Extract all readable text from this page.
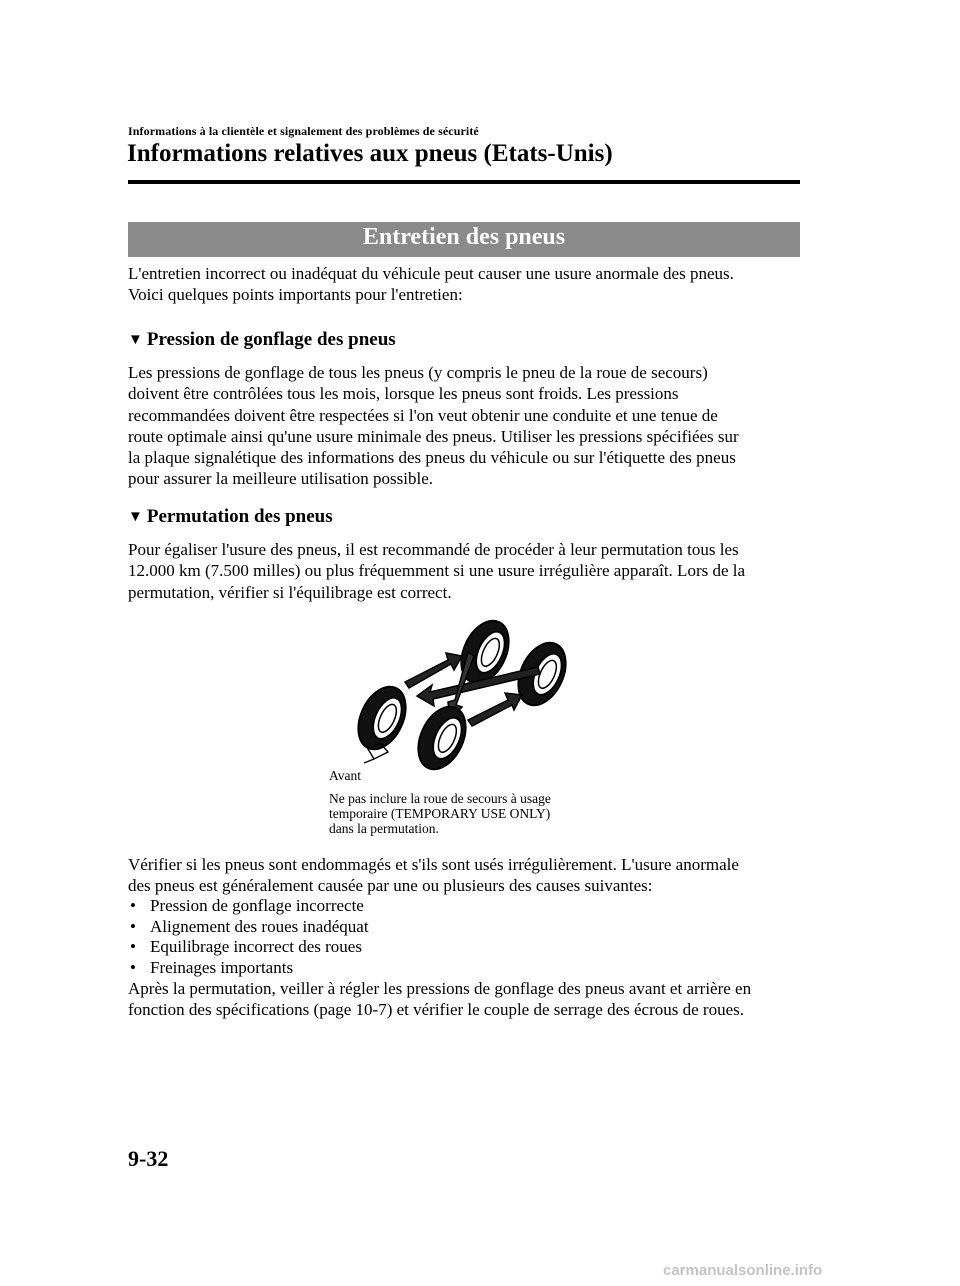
Informations à la clientèle et signalement des problèmes de sécurité
Informations relatives aux pneus (Etats-Unis)
Entretien des pneus
L'entretien incorrect ou inadéquat du véhicule peut causer une usure anormale des pneus.
Voici quelques points importants pour l'entretien:
▼ Pression de gonflage des pneus
Les pressions de gonflage de tous les pneus (y compris le pneu de la roue de secours)
doivent être contrôlées tous les mois, lorsque les pneus sont froids. Les pressions
recommandées doivent être respectées si l'on veut obtenir une conduite et une tenue de
route optimale ainsi qu'une usure minimale des pneus. Utiliser les pressions spécifiées sur
la plaque signalétique des informations des pneus du véhicule ou sur l'étiquette des pneus
pour assurer la meilleure utilisation possible.
▼ Permutation des pneus
Pour égaliser l'usure des pneus, il est recommandé de procéder à leur permutation tous les
12.000 km (7.500 milles) ou plus fréquemment si une usure irrégulière apparaît. Lors de la
permutation, vérifier si l'équilibrage est correct.
Avant
Ne pas inclure la roue de secours à usage
temporaire (TEMPORARY USE ONLY)
dans la permutation.
Vérifier si les pneus sont endommagés et s'ils sont usés irrégulièrement. L'usure anormale
des pneus est généralement causée par une ou plusieurs des causes suivantes:
• Pression de gonflage incorrecte
• Alignement des roues inadéquat
• Equilibrage incorrect des roues
• Freinages importants
Après la permutation, veiller à régler les pressions de gonflage des pneus avant et arrière en
fonction des spécifications (page 10-7) et vérifier le couple de serrage des écrous de roues.
9-32
carmanualsonline.info
